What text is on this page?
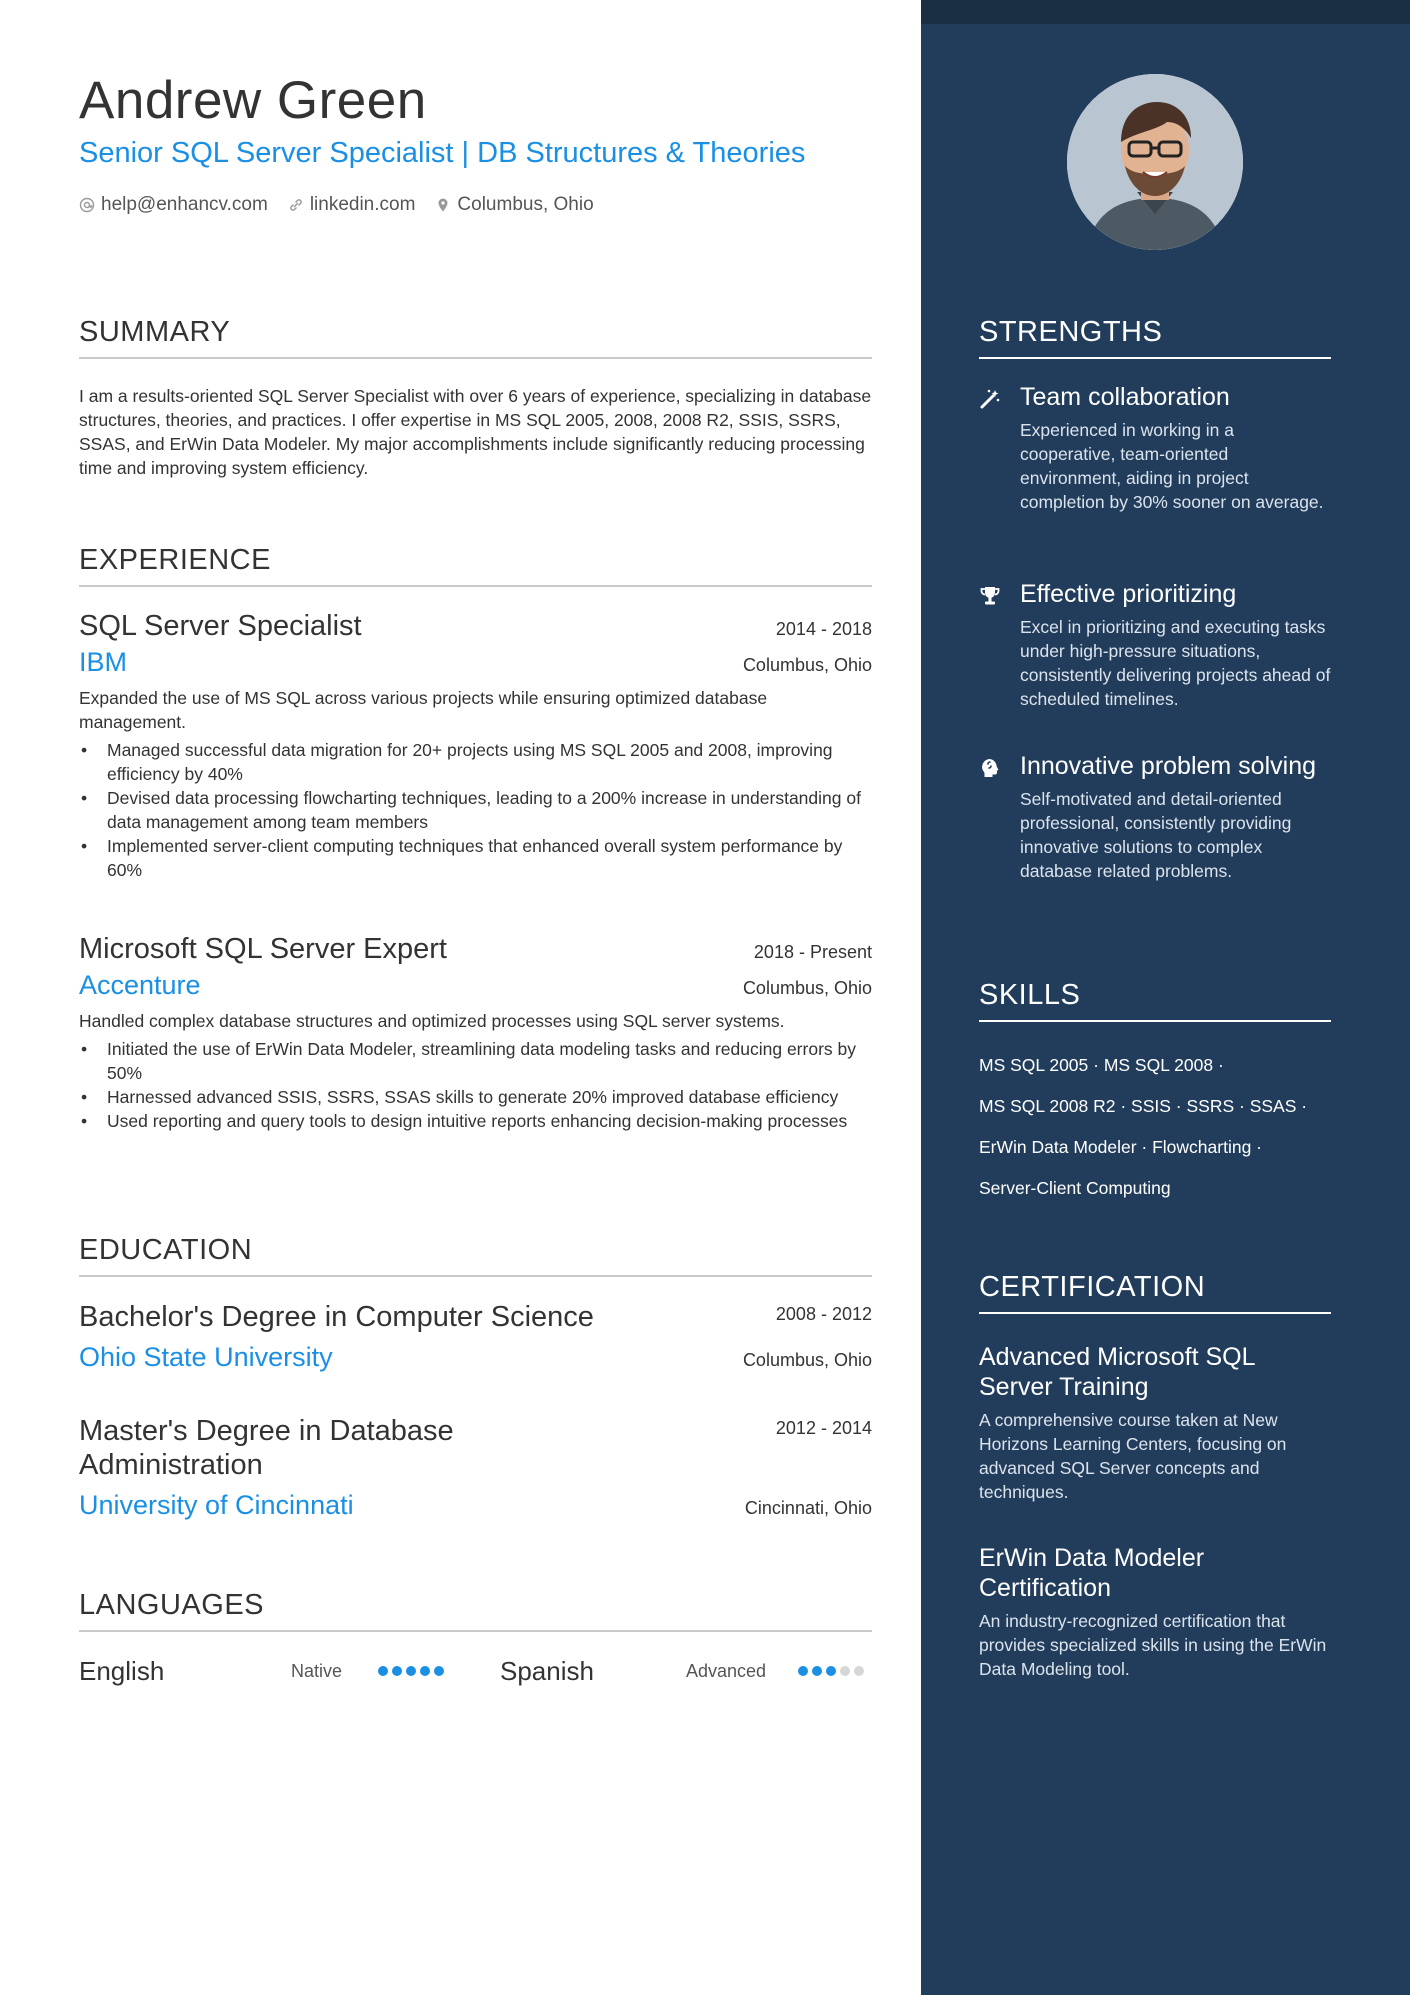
Andrew Green
Senior SQL Server Specialist | DB Structures & Theories
help@enhancv.com linkedin.com Columbus, Ohio
SUMMARY
I am a results-oriented SQL Server Specialist with over 6 years of experience, specializing in database structures, theories, and practices. I offer expertise in MS SQL 2005, 2008, 2008 R2, SSIS, SSRS, SSAS, and ErWin Data Modeler. My major accomplishments include significantly reducing processing time and improving system efficiency.
EXPERIENCE
SQL Server Specialist	2014 - 2018
IBM	Columbus, Ohio
Expanded the use of MS SQL across various projects while ensuring optimized database management.
• Managed successful data migration for 20+ projects using MS SQL 2005 and 2008, improving efficiency by 40%
• Devised data processing flowcharting techniques, leading to a 200% increase in understanding of data management among team members
• Implemented server-client computing techniques that enhanced overall system performance by 60%
Microsoft SQL Server Expert	2018 - Present
Accenture	Columbus, Ohio
Handled complex database structures and optimized processes using SQL server systems.
• Initiated the use of ErWin Data Modeler, streamlining data modeling tasks and reducing errors by 50%
• Harnessed advanced SSIS, SSRS, SSAS skills to generate 20% improved database efficiency
• Used reporting and query tools to design intuitive reports enhancing decision-making processes
EDUCATION
Bachelor's Degree in Computer Science	2008 - 2012
Ohio State University	Columbus, Ohio
Master's Degree in Database Administration
2012 - 2014
University of Cincinnati	Cincinnati, Ohio
LANGUAGES
English	Native	Spanish	Advanced
STRENGTHS
Team collaboration
Experienced in working in a cooperative, team-oriented environment, aiding in project completion by 30% sooner on average.
Effective prioritizing
Excel in prioritizing and executing tasks under high-pressure situations, consistently delivering projects ahead of scheduled timelines.
Innovative problem solving
Self-motivated and detail-oriented professional, consistently providing innovative solutions to complex database related problems.
SKILLS
MS SQL 2005 · MS SQL 2008 ·
MS SQL 2008 R2 · SSIS · SSRS · SSAS ·
ErWin Data Modeler · Flowcharting ·
Server-Client Computing
CERTIFICATION
Advanced Microsoft SQL Server Training
A comprehensive course taken at New Horizons Learning Centers, focusing on advanced SQL Server concepts and techniques.
ErWin Data Modeler Certification
An industry-recognized certification that provides specialized skills in using the ErWin Data Modeling tool.
